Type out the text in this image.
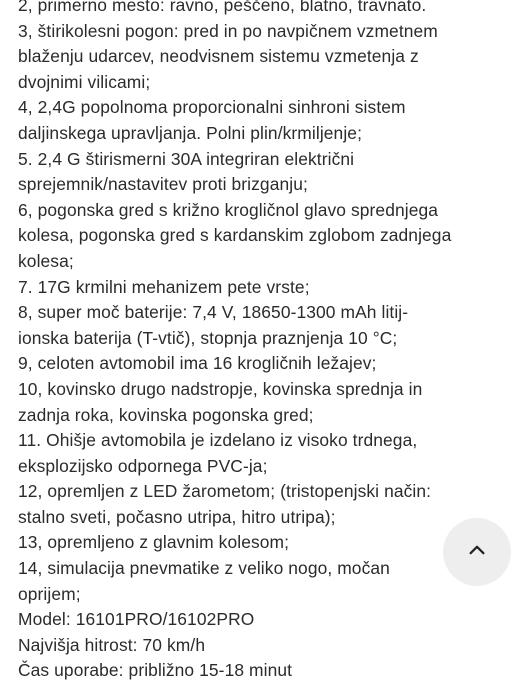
2, primerno mesto: ravno, peščeno, blatno, travnato.
3, štirikolesni pogon: pred in po navpičnem vzmetnem
blaženju udarcev, neodvisnem sistemu vzmetenja z
dvojnimi vilicami;
4, 2,4G popolnoma proporcionalni sinhroni sistem
daljinskega upravljanja. Polni plin/krmiljenje;
5. 2,4 G štirismerni 30A integriran električni
sprejemnik/nastavitev proti brizganju;
6, pogonska gred s križno krogličnol glavo sprednjega
kolesa, pogonska gred s kardanskim zglobom zadnjega
kolesa;
7. 17G krmilni mehanizem pete vrste;
8, super moč baterije: 7,4 V, 18650-1300 mAh litij-
ionska baterija (T-vtič), stopnja praznjenja 10 °C;
9, celoten avtomobil ima 16 krogličnih ležajev;
10, kovinsko drugo nadstropje, kovinska sprednja in
zadnja roka, kovinska pogonska gred;
11. Ohišje avtomobila je izdelano iz visoko trdnega,
eksplozijsko odpornega PVC-ja;
12, opremljen z LED žarometom; (tristopenjski način:
stalno sveti, počasno utripa, hitro utripa);
13, opremljeno z glavnim kolesom;
14, simulacija pnevmatike z veliko nogo, močan
oprijem;
Model: 16101PRO/16102PRO
Najvišja hitrost: 70 km/h
Čas uporabe: približno 15-18 minut
